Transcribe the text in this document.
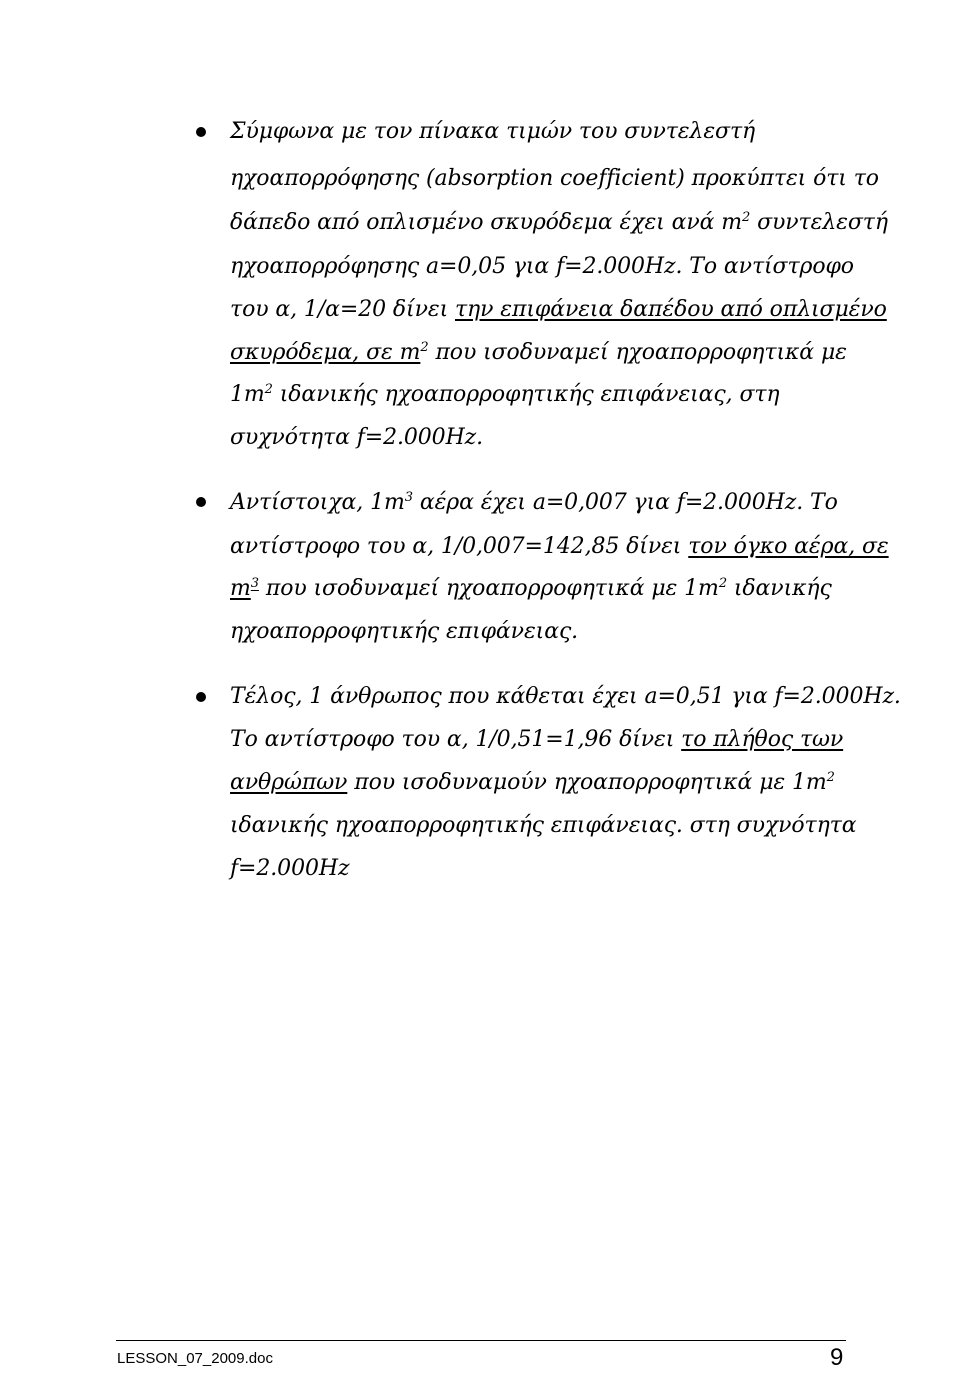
Σύμφωνα με τον πίνακα τιμών του συντελεστή
ηχοαπορρόφησης (absorption coefficient) προκύπτει ότι το
δάπεδο από οπλισμένο σκυρόδεμα έχει ανά $m^2$ συντελεστή
ηχοαπορρόφησης a=0,05 για f=2.000Hz. Το αντίστροφο
του α, 1/α=20 δίνει την επιφάνεια δαπέδου από οπλισμένο
σκυρόδεμα, σε $m^2$ που ισοδυναμεί ηχοαπορροφητικά με
$1m^2$ ιδανικής ηχοαπορροφητικής επιφάνειας, στη
συχνότητα f=2.000Hz.
Αντίστοιχα, $1m^3$ αέρα έχει a=0,007 για f=2.000Hz. Το
αντίστροφο του α, 1/0,007=142,85 δίνει τον όγκο αέρα, σε
$m^3$ που ισοδυναμεί ηχοαπορροφητικά με $1m^2$ ιδανικής
ηχοαπορροφητικής επιφάνειας.
Τέλος, 1 άνθρωπος που κάθεται έχει a=0,51 για f=2.000Hz.
Το αντίστροφο του α, 1/0,51=1,96 δίνει το πλήθος των
ανθρώπων που ισοδυναμούν ηχοαπορροφητικά με $1m^2$
ιδανικής ηχοαπορροφητικής επιφάνειας. στη συχνότητα
f=2.000Hz
LESSON_07_2009.doc	9
